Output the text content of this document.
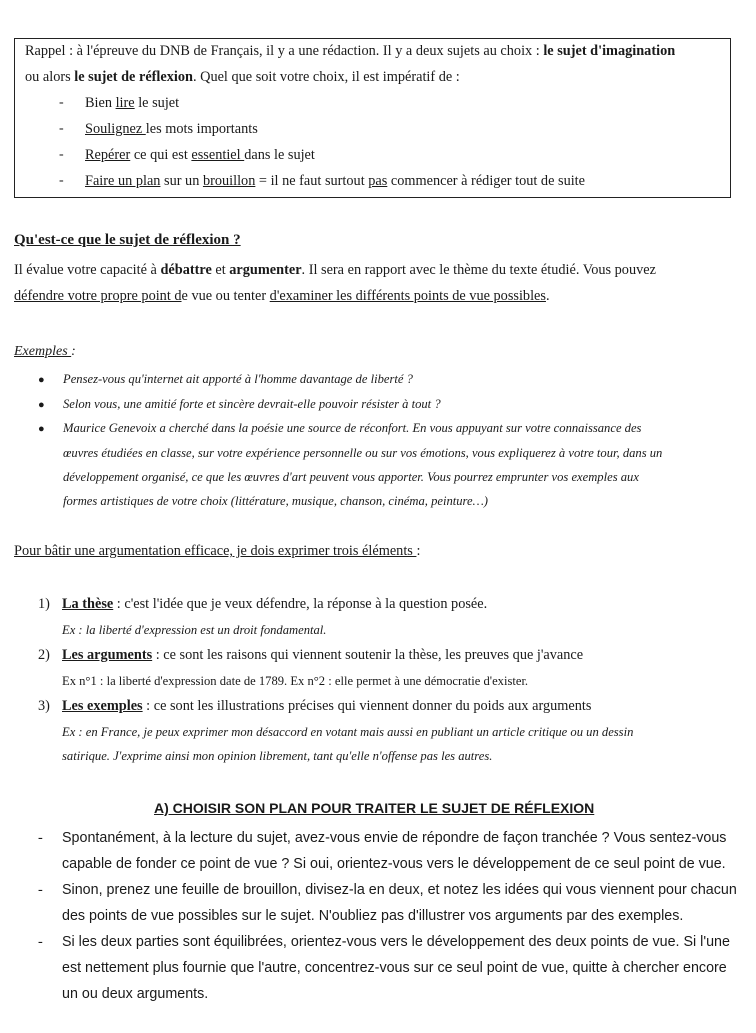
Rappel : à l'épreuve du DNB de Français, il y a une rédaction. Il y a deux sujets au choix : le sujet d'imagination
ou alors le sujet de réflexion. Quel que soit votre choix, il est impératif de :
- Bien lire le sujet
- Soulignez les mots importants
- Repérer ce qui est essentiel dans le sujet
- Faire un plan sur un brouillon = il ne faut surtout pas commencer à rédiger tout de suite
Qu'est-ce que le sujet de réflexion ?
Il évalue votre capacité à débattre et argumenter. Il sera en rapport avec le thème du texte étudié. Vous pouvez
défendre votre propre point de vue ou tenter d'examiner les différents points de vue possibles.
Exemples :
● Pensez-vous qu'internet ait apporté à l'homme davantage de liberté ?
● Selon vous, une amitié forte et sincère devrait-elle pouvoir résister à tout ?
● Maurice Genevoix a cherché dans la poésie une source de réconfort. En vous appuyant sur votre connaissance des
œuvres étudiées en classe, sur votre expérience personnelle ou sur vos émotions, vous expliquerez à votre tour, dans un
développement organisé, ce que les œuvres d'art peuvent vous apporter. Vous pourrez emprunter vos exemples aux
formes artistiques de votre choix (littérature, musique, chanson, cinéma, peinture…)
Pour bâtir une argumentation efficace, je dois exprimer trois éléments :
1) La thèse : c'est l'idée que je veux défendre, la réponse à la question posée.
Ex : la liberté d'expression est un droit fondamental.
2) Les arguments : ce sont les raisons qui viennent soutenir la thèse, les preuves que j'avance
Ex n°1 : la liberté d'expression date de 1789. Ex n°2 : elle permet à une démocratie d'exister.
3) Les exemples : ce sont les illustrations précises qui viennent donner du poids aux arguments
Ex : en France, je peux exprimer mon désaccord en votant mais aussi en publiant un article critique ou un dessin
satirique. J'exprime ainsi mon opinion librement, tant qu'elle n'offense pas les autres.
A) CHOISIR SON PLAN POUR TRAITER LE SUJET DE RÉFLEXION
- Spontanément, à la lecture du sujet, avez-vous envie de répondre de façon tranchée ? Vous sentez-vous
capable de fonder ce point de vue ? Si oui, orientez-vous vers le développement de ce seul point de vue.
- Sinon, prenez une feuille de brouillon, divisez-la en deux, et notez les idées qui vous viennent pour chacun
des points de vue possibles sur le sujet. N'oubliez pas d'illustrer vos arguments par des exemples.
- Si les deux parties sont équilibrées, orientez-vous vers le développement des deux points de vue. Si l'une
est nettement plus fournie que l'autre, concentrez-vous sur ce seul point de vue, quitte à chercher encore
un ou deux arguments.
